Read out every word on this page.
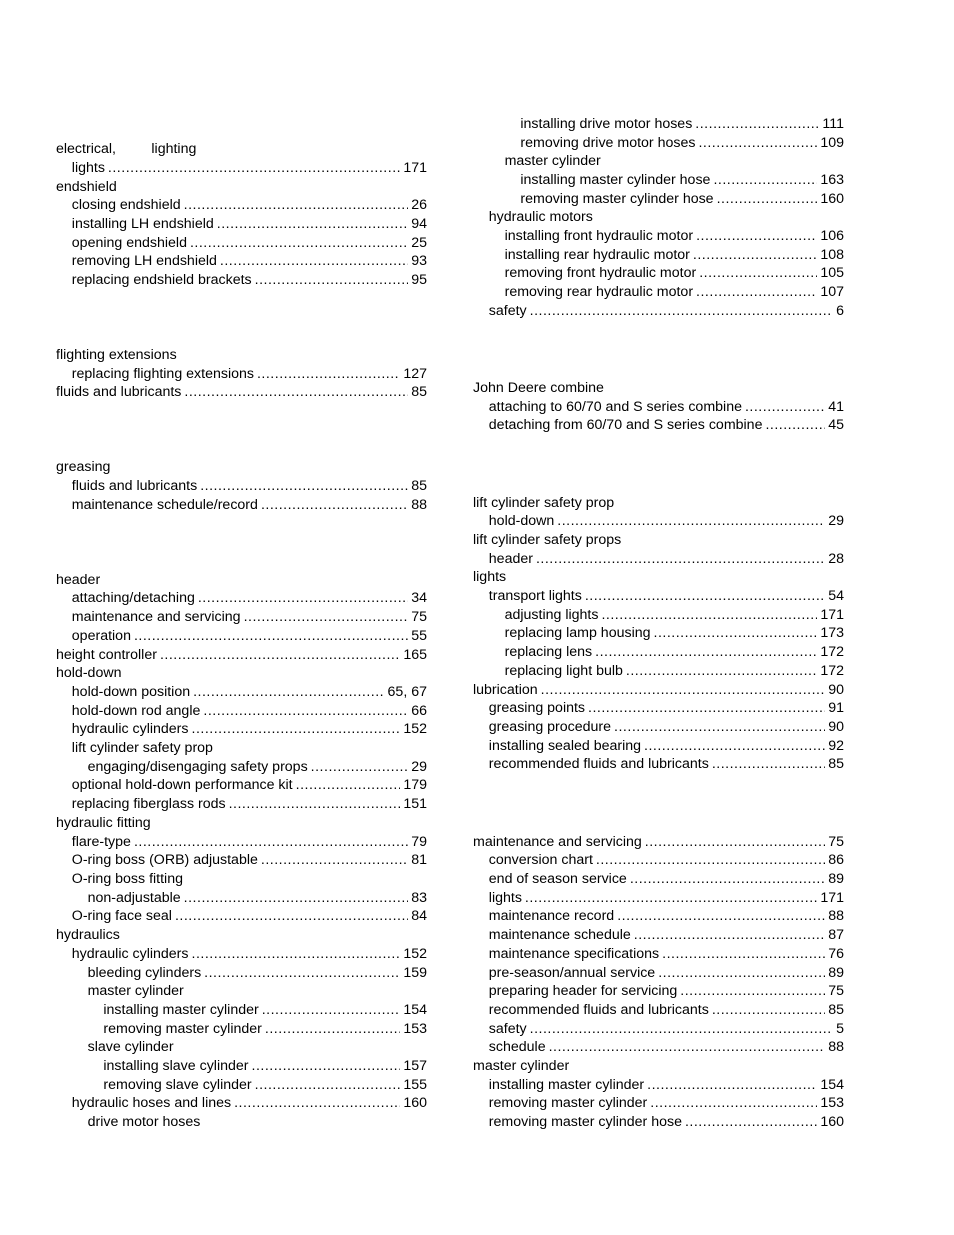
electrical,         lighting
lights .....	171
endshield
closing endshield .....	26
installing LH endshield .....	94
opening endshield .....	25
removing LH endshield .....	93
replacing endshield brackets .....	95
flighting extensions
replacing flighting extensions .....	127
fluids and lubricants .....	85
greasing
fluids and lubricants .....	85
maintenance schedule/record .....	88
header
attaching/detaching .....	34
maintenance and servicing .....	75
operation .....	55
height controller .....	165
hold-down
hold-down position .....	65, 67
hold-down rod angle .....	66
hydraulic cylinders .....	152
lift cylinder safety prop
engaging/disengaging safety props .....	29
optional hold-down performance kit .....	179
replacing fiberglass rods .....	151
hydraulic fitting
flare-type .....	79
O-ring boss (ORB) adjustable .....	81
O-ring boss fitting
non-adjustable .....	83
O-ring face seal .....	84
hydraulics
hydraulic cylinders .....	152
bleeding cylinders .....	159
master cylinder
installing master cylinder .....	154
removing master cylinder .....	153
slave cylinder
installing slave cylinder .....	157
removing slave cylinder .....	155
hydraulic hoses and lines .....	160
drive motor hoses
installing drive motor hoses .....	111
removing drive motor hoses .....	109
master cylinder
installing master cylinder hose .....	163
removing master cylinder hose .....	160
hydraulic motors
installing front hydraulic motor .....	106
installing rear hydraulic motor .....	108
removing front hydraulic motor .....	105
removing rear hydraulic motor .....	107
safety .....	6
John Deere combine
attaching to 60/70 and S series combine .....	41
detaching from 60/70 and S series combine .....	45
lift cylinder safety prop
hold-down .....	29
lift cylinder safety props
header .....	28
lights
transport lights .....	54
adjusting lights .....	171
replacing lamp housing .....	173
replacing lens .....	172
replacing light bulb .....	172
lubrication .....	90
greasing points .....	91
greasing procedure .....	90
installing sealed bearing .....	92
recommended fluids and lubricants .....	85
maintenance and servicing .....	75
conversion chart .....	86
end of season service .....	89
lights .....	171
maintenance record .....	88
maintenance schedule .....	87
maintenance specifications .....	76
pre-season/annual service .....	89
preparing header for servicing .....	75
recommended fluids and lubricants .....	85
safety .....	5
schedule .....	88
master cylinder
installing master cylinder .....	154
removing master cylinder .....	153
removing master cylinder hose .....	160
